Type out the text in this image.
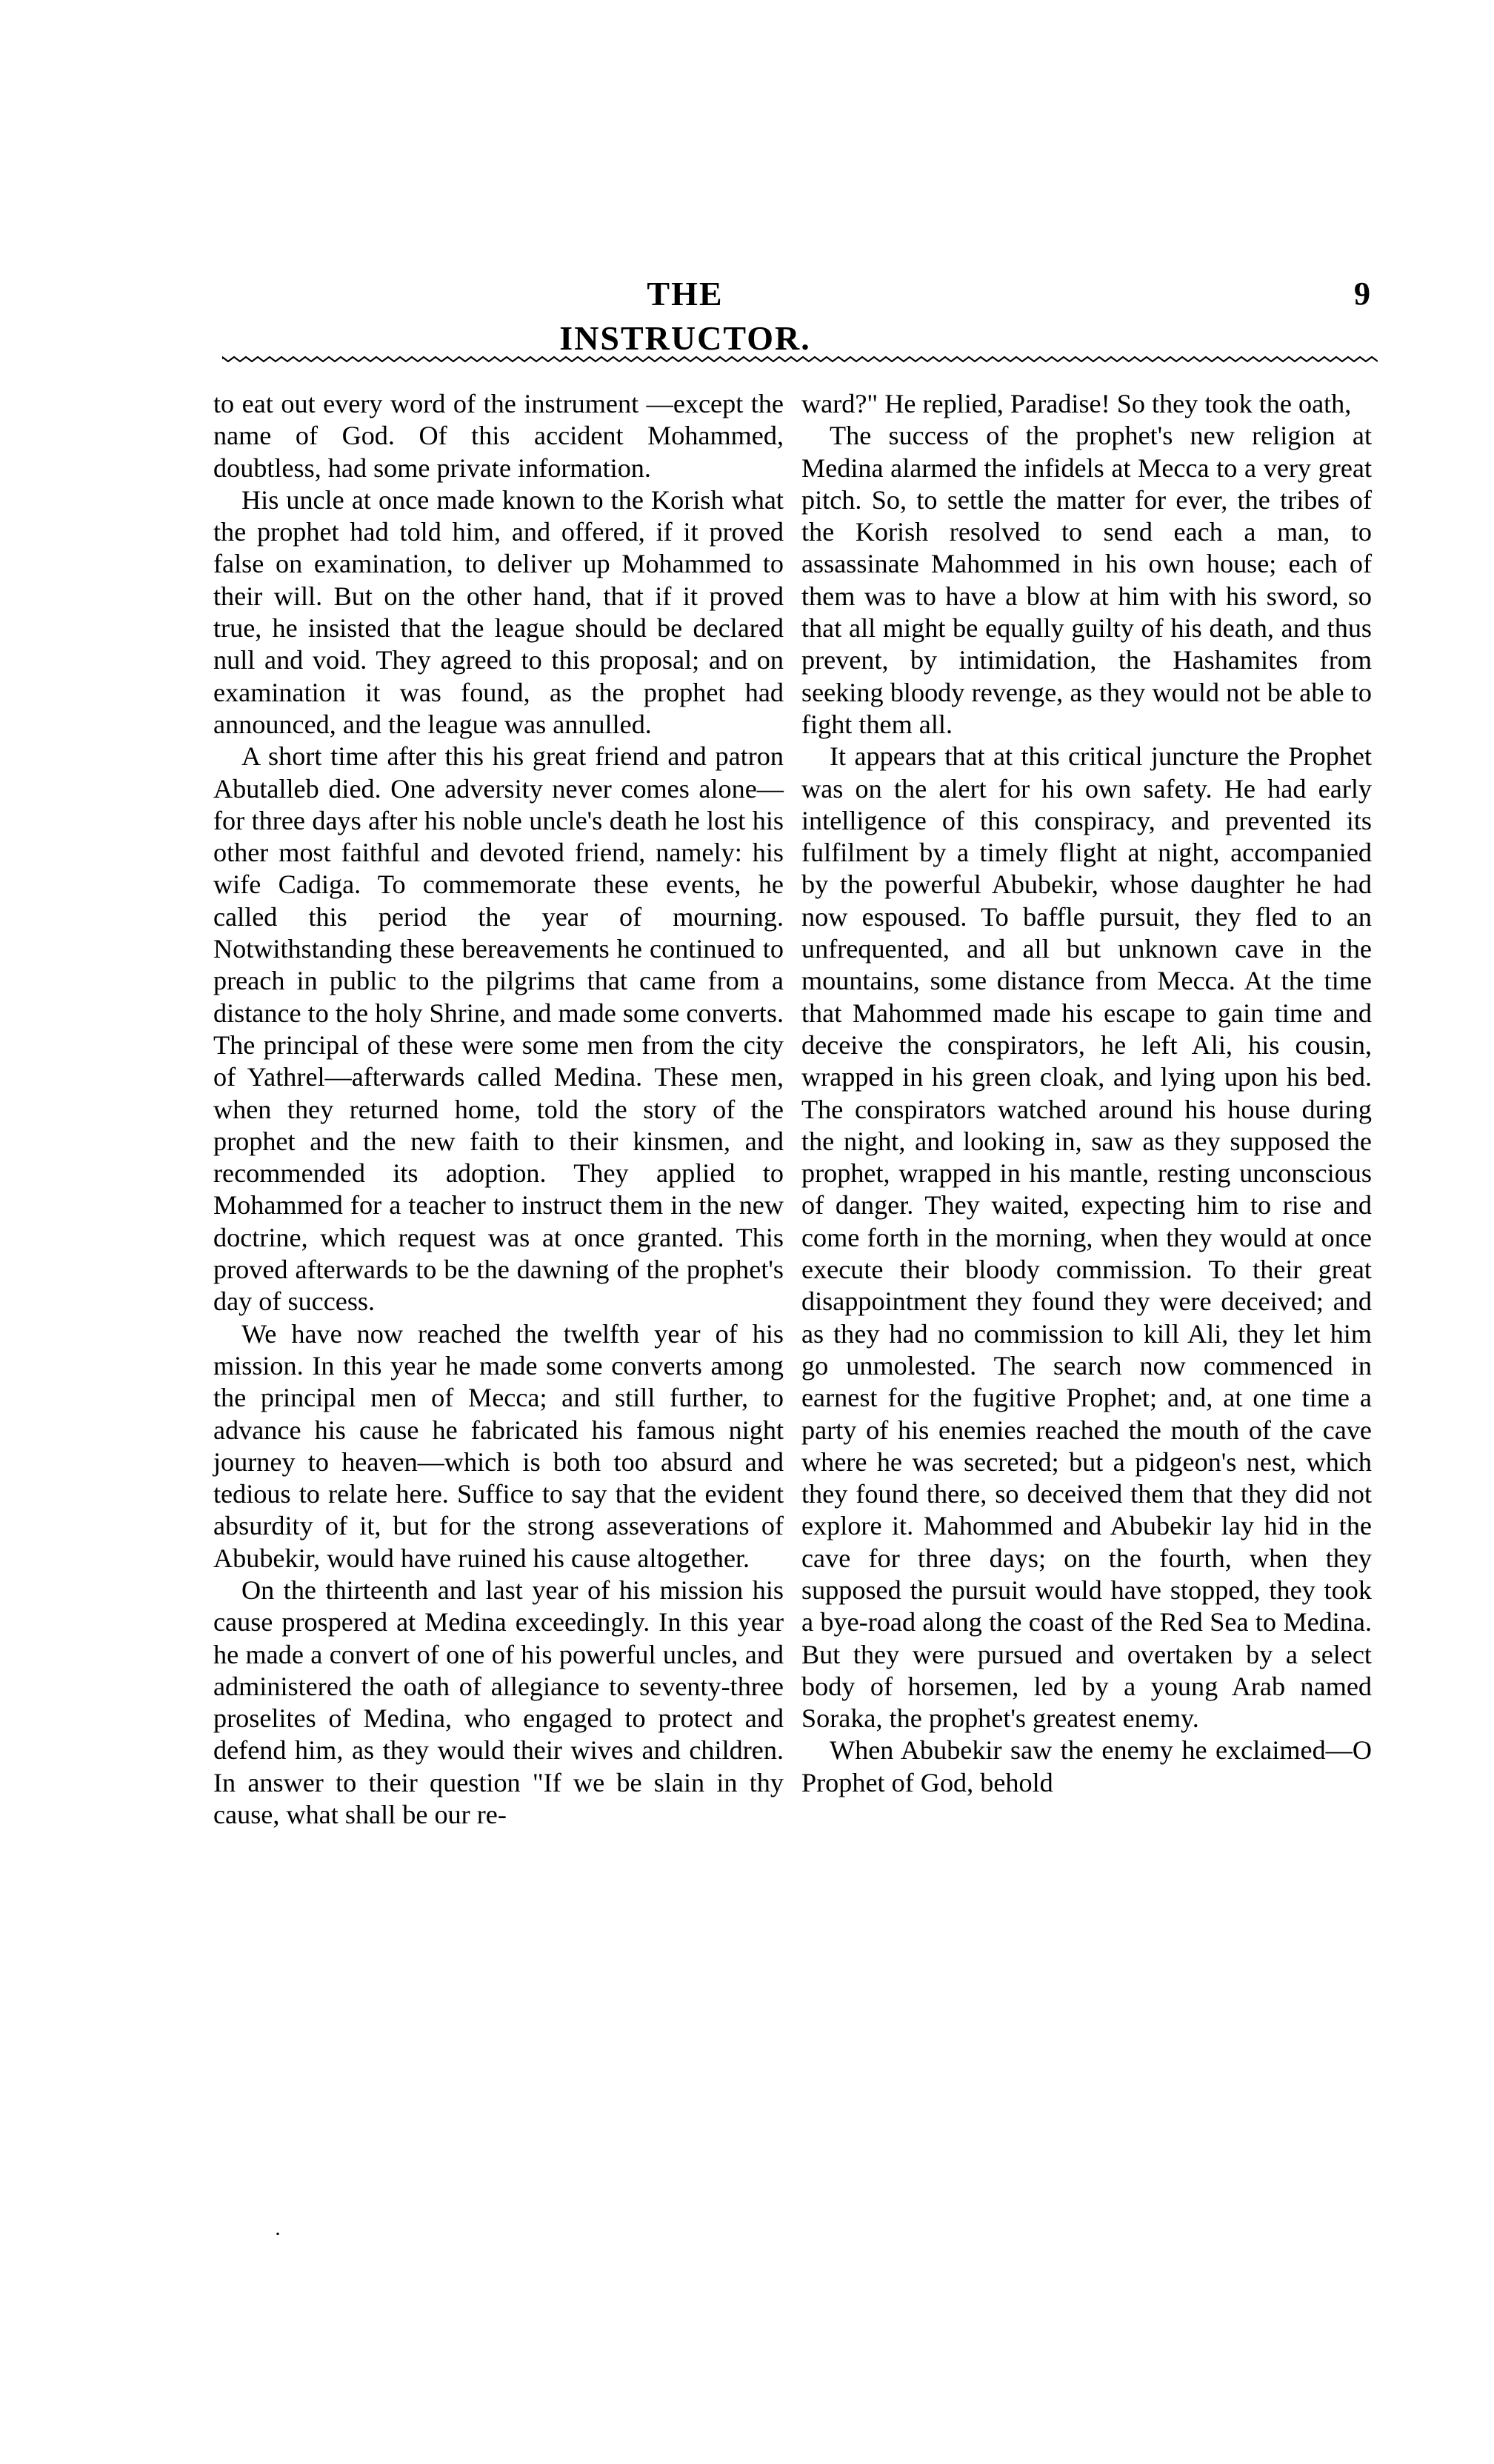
THE INSTRUCTOR.
9

to eat out every word of the instrument —except the name of God. Of this accident Mohammed, doubtless, had some private information.

His uncle at once made known to the Korish what the prophet had told him, and offered, if it proved false on examination, to deliver up Mohammed to their will. But on the other hand, that if it proved true, he insisted that the league should be declared null and void. They agreed to this proposal; and on examination it was found, as the prophet had announced, and the league was annulled.

A short time after this his great friend and patron Abutalleb died. One adversity never comes alone—for three days after his noble uncle's death he lost his other most faithful and devoted friend, namely: his wife Cadiga. To commemorate these events, he called this period the year of mourning. Notwithstanding these bereavements he continued to preach in public to the pilgrims that came from a distance to the holy Shrine, and made some converts. The principal of these were some men from the city of Yathrel—afterwards called Medina. These men, when they returned home, told the story of the prophet and the new faith to their kinsmen, and recommended its adoption. They applied to Mohammed for a teacher to instruct them in the new doctrine, which request was at once granted. This proved afterwards to be the dawning of the prophet's day of success.

We have now reached the twelfth year of his mission. In this year he made some converts among the principal men of Mecca; and still further, to advance his cause he fabricated his famous night journey to heaven—which is both too absurd and tedious to relate here. Suffice to say that the evident absurdity of it, but for the strong asseverations of Abubekir, would have ruined his cause altogether.

On the thirteenth and last year of his mission his cause prospered at Medina exceedingly. In this year he made a convert of one of his powerful uncles, and administered the oath of allegiance to seventy-three proselites of Medina, who engaged to protect and defend him, as they would their wives and children. In answer to their question "If we be slain in thy cause, what shall be our re-

ward?" He replied, Paradise! So they took the oath,

The success of the prophet's new religion at Medina alarmed the infidels at Mecca to a very great pitch. So, to settle the matter for ever, the tribes of the Korish resolved to send each a man, to assassinate Mahommed in his own house; each of them was to have a blow at him with his sword, so that all might be equally guilty of his death, and thus prevent, by intimidation, the Hashamites from seeking bloody revenge, as they would not be able to fight them all.

It appears that at this critical juncture the Prophet was on the alert for his own safety. He had early intelligence of this conspiracy, and prevented its fulfilment by a timely flight at night, accompanied by the powerful Abubekir, whose daughter he had now espoused. To baffle pursuit, they fled to an unfrequented, and all but unknown cave in the mountains, some distance from Mecca. At the time that Mahommed made his escape to gain time and deceive the conspirators, he left Ali, his cousin, wrapped in his green cloak, and lying upon his bed. The conspirators watched around his house during the night, and looking in, saw as they supposed the prophet, wrapped in his mantle, resting unconscious of danger. They waited, expecting him to rise and come forth in the morning, when they would at once execute their bloody commission. To their great disappointment they found they were deceived; and as they had no commission to kill Ali, they let him go unmolested. The search now commenced in earnest for the fugitive Prophet; and, at one time a party of his enemies reached the mouth of the cave where he was secreted; but a pidgeon's nest, which they found there, so deceived them that they did not explore it. Mahommed and Abubekir lay hid in the cave for three days; on the fourth, when they supposed the pursuit would have stopped, they took a bye-road along the coast of the Red Sea to Medina. But they were pursued and overtaken by a select body of horsemen, led by a young Arab named Soraka, the prophet's greatest enemy.

When Abubekir saw the enemy he exclaimed—O Prophet of God, behold

·
